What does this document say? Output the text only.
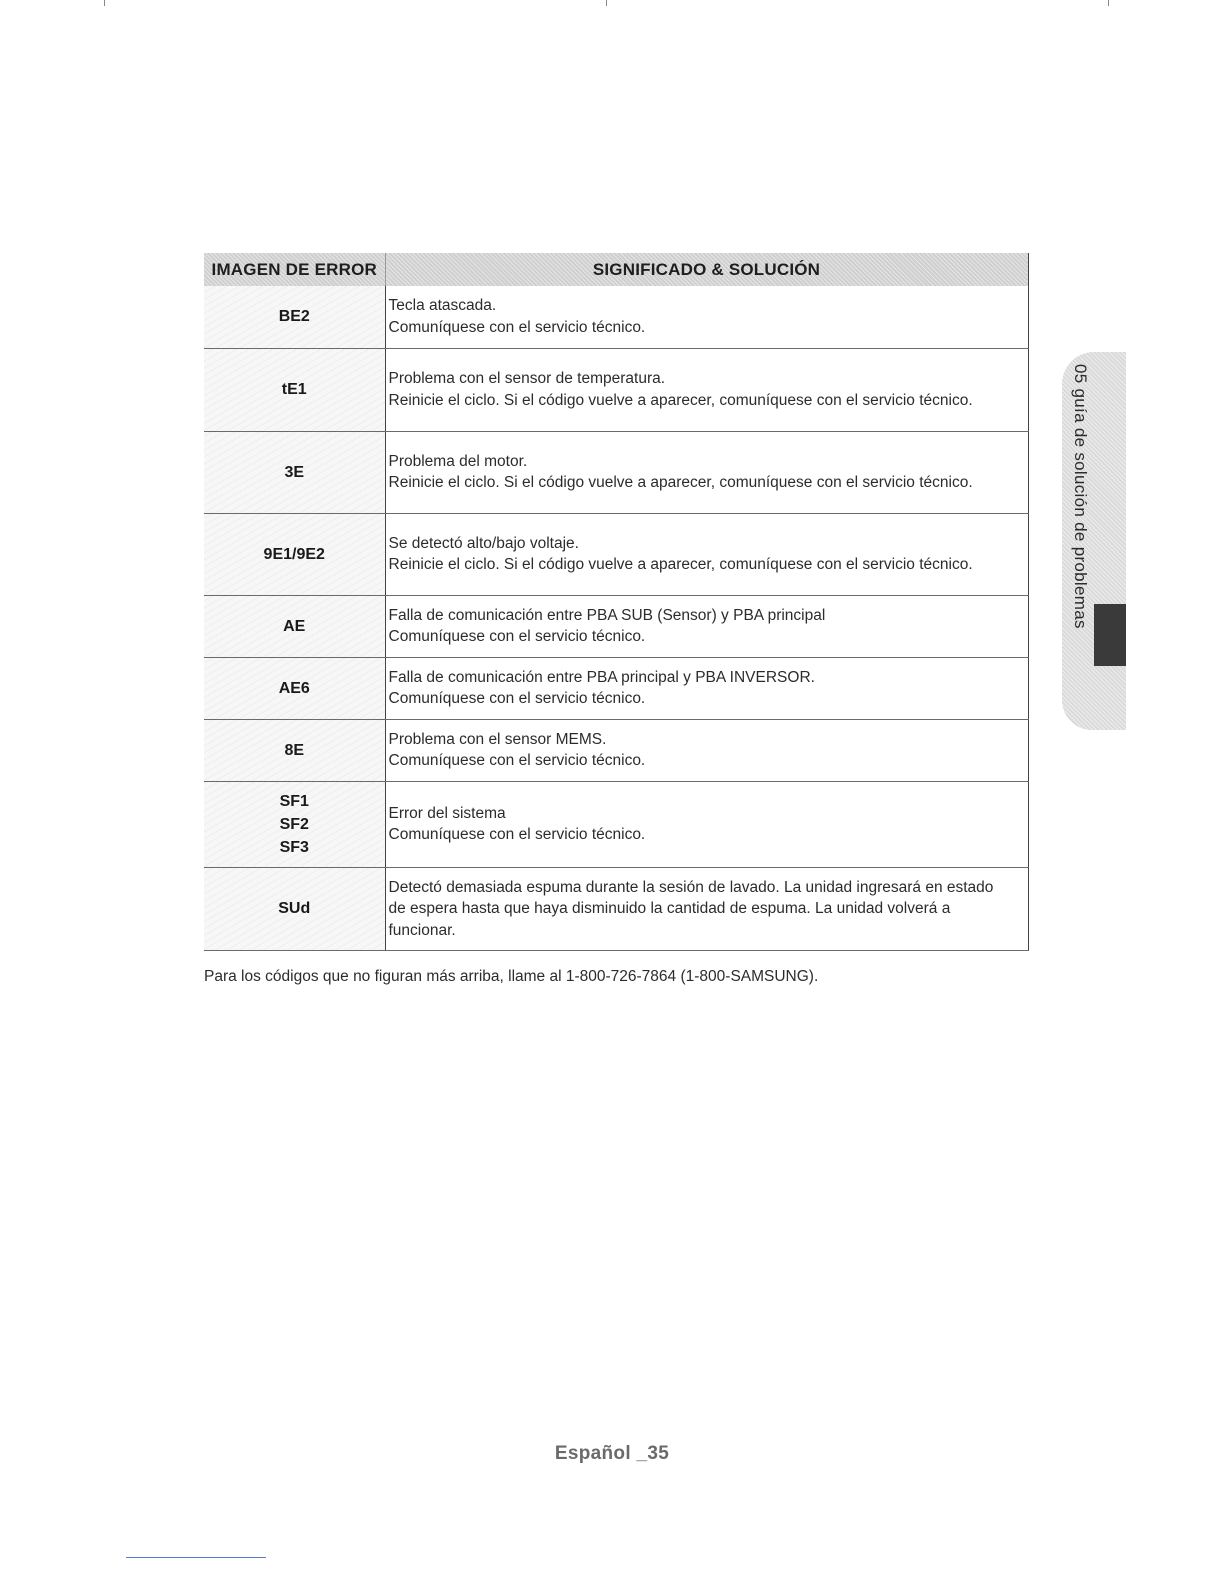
IMAGEN DE ERROR	SIGNIFICADO & SOLUCIÓN

BE2	Tecla atascada.
Comuníquese con el servicio técnico.

tE1	Problema con el sensor de temperatura.
Reinicie el ciclo. Si el código vuelve a aparecer, comuníquese con el servicio técnico.

3E	Problema del motor.
Reinicie el ciclo. Si el código vuelve a aparecer, comuníquese con el servicio técnico.

9E1/9E2	Se detectó alto/bajo voltaje.
Reinicie el ciclo. Si el código vuelve a aparecer, comuníquese con el servicio técnico.

AE	Falla de comunicación entre PBA SUB (Sensor) y PBA principal
Comuníquese con el servicio técnico.

AE6	Falla de comunicación entre PBA principal y PBA INVERSOR.
Comuníquese con el servicio técnico.

8E	Problema con el sensor MEMS.
Comuníquese con el servicio técnico.

SF1
SF2
SF3	Error del sistema
Comuníquese con el servicio técnico.

SUd	Detectó demasiada espuma durante la sesión de lavado. La unidad ingresará en estado de espera hasta que haya disminuido la cantidad de espuma. La unidad volverá a funcionar.
Para los códigos que no figuran más arriba, llame al 1-800-726-7864 (1-800-SAMSUNG).
05 guía de solución de problemas
Español _35
